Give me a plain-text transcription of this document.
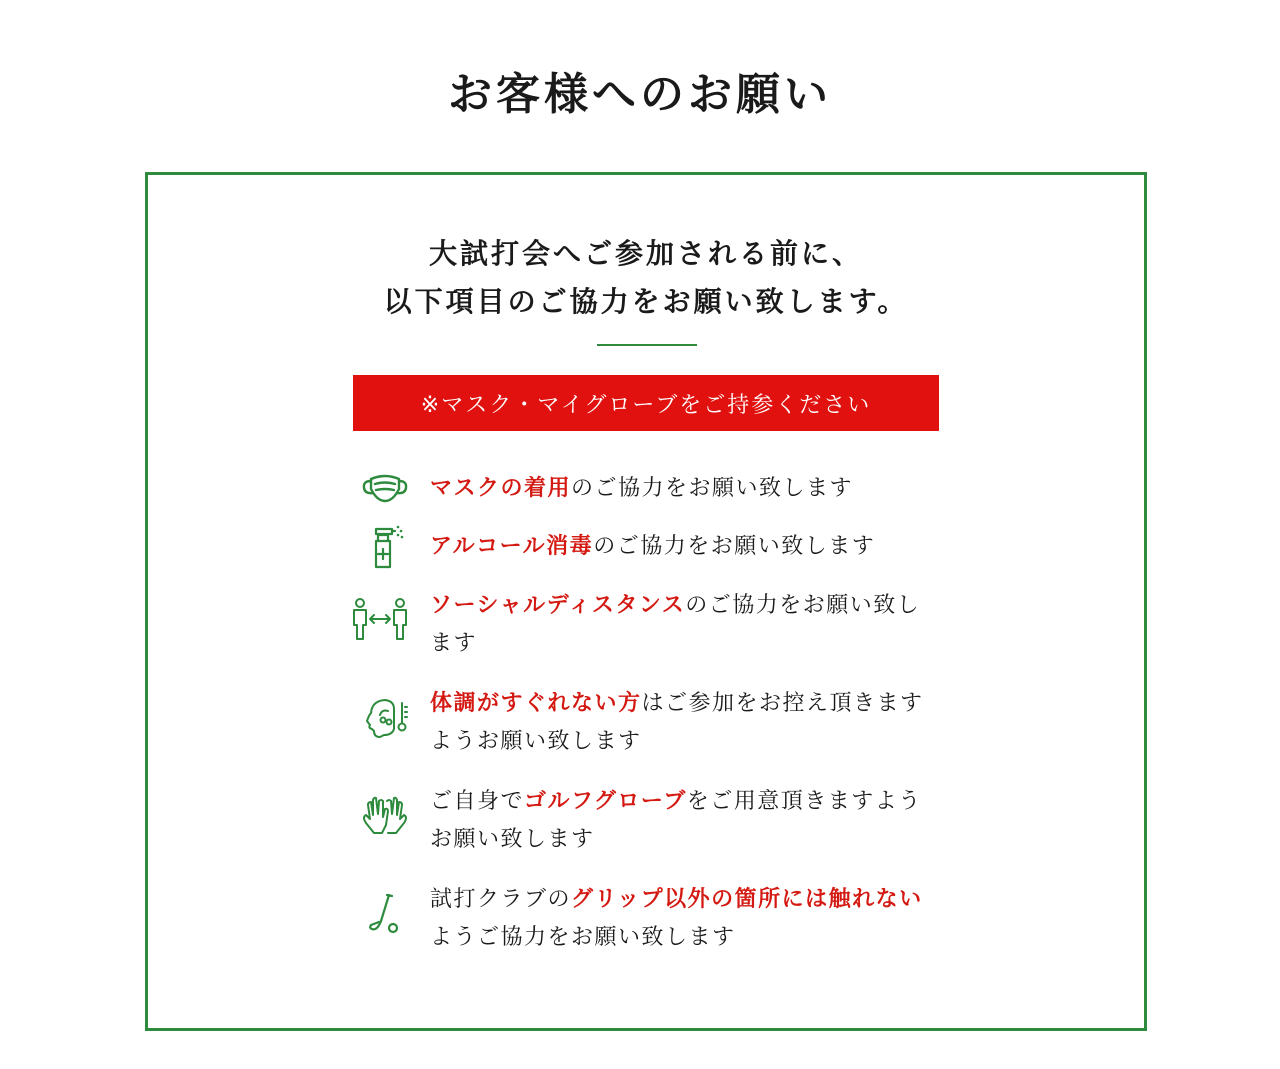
お客様へのお願い
大試打会へご参加される前に、
以下項目のご協力をお願い致します。
※マスク・マイグローブをご持参ください

マスクの着用のご協力をお願い致します

アルコール消毒のご協力をお願い致します

ソーシャルディスタンスのご協力をお願い致します

体調がすぐれない方はご参加をお控え頂きますようお願い致します

ご自身でゴルフグローブをご用意頂きますようお願い致します

試打クラブのグリップ以外の箇所には触れないようご協力をお願い致します
